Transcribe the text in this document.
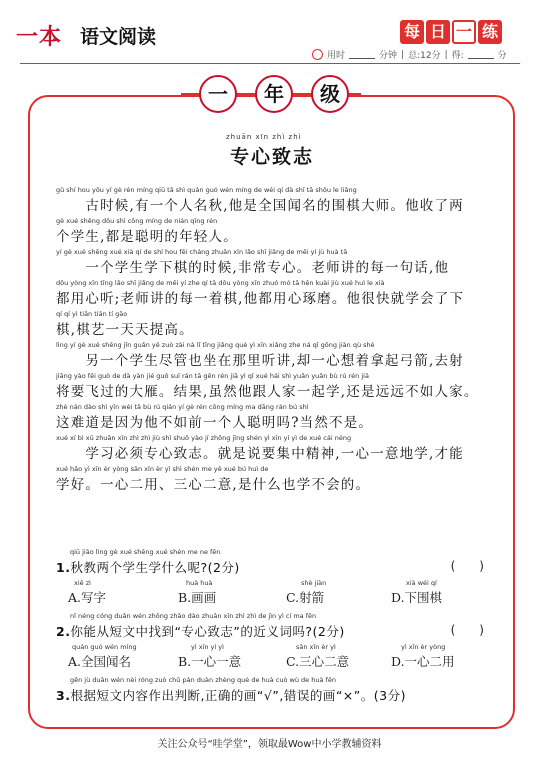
一本 语文阅读	每 日 一 练
用时	分钟 | 总:12分 | 得:	分
一	年	级
zhuān xīn zhì zhì
专心致志
gǔ shí hou yǒu yí gè rén míng qiū tā shì quán guó wén míng de wéi qí dà shī tā shōu le liǎng
　　古时候,有一个人名秋,他是全国闻名的围棋大师。他收了两
gè xué shēng dōu shì cōng míng de nián qīng rén
个学生,都是聪明的年轻人。
yí gè xué shēng xué xià qí de shí hou fēi cháng zhuān xīn lǎo shī jiǎng de měi yí jù huà tā
　　一个学生学下棋的时候,非常专心。老师讲的每一句话,他
dōu yòng xīn tīng lǎo shī jiǎng de měi yí zhe qí tā dōu yòng xīn zhuó mó tā hěn kuài jiù xué huì le xià
都用心听;老师讲的每一着棋,他都用心琢磨。他很快就学会了下
qí qí yì tiān tiān tí gāo
棋,棋艺一天天提高。
lìng yí gè xué shēng jǐn guǎn yě zuò zài nà lǐ tīng jiǎng què yì xīn xiǎng zhe ná qǐ gōng jiàn qù shè
　　另一个学生尽管也坐在那里听讲,却一心想着拿起弓箭,去射
jiāng yào fēi guò de dà yàn jié guǒ suī rán tā gēn rén jiā yì qǐ xué hái shì yuǎn yuǎn bù rú rén jiā
将要飞过的大雁。结果,虽然他跟人家一起学,还是远远不如人家。
zhè nán dào shì yīn wèi tā bù rú qián yí gè rén cōng míng ma dāng rán bú shì
这难道是因为他不如前一个人聪明吗?当然不是。
xué xí bì xū zhuān xīn zhì zhì jiù shì shuō yào jí zhōng jīng shén yì xīn yí yì de xué cái néng
　　学习必须专心致志。就是说要集中精神,一心一意地学,才能
xué hǎo yì xīn èr yòng sān xīn èr yì shì shén me yě xué bú huì de
学好。一心二用、三心二意,是什么也学不会的。
qiū jiāo lìng gè xué shēng xué shén me ne fēn
1.秋教两个学生学什么呢?(2分)	(　　)
xiě zì	huà huà	shè jiàn	xià wéi qí
A.写字	B.画画	C.射箭	D.下围棋
nǐ néng cóng duǎn wén zhōng zhǎo dào zhuān xīn zhì zhì de jìn yì cí ma fēn
2.你能从短文中找到“专心致志”的近义词吗?(2分)	(　　)
quán guó wén míng	yì xīn yí yì	sān xīn èr yì	yì xīn èr yòng
A.全国闻名	B.一心一意	C.三心二意	D.一心二用
gēn jù duǎn wén nèi róng zuò chū pàn duàn zhèng què de huà cuò wù de huà fēn
3.根据短文内容作出判断,正确的画“√”,错误的画“×”。(3分)
关注公众号“哇学堂”，领取最Wow中小学教辅资料
